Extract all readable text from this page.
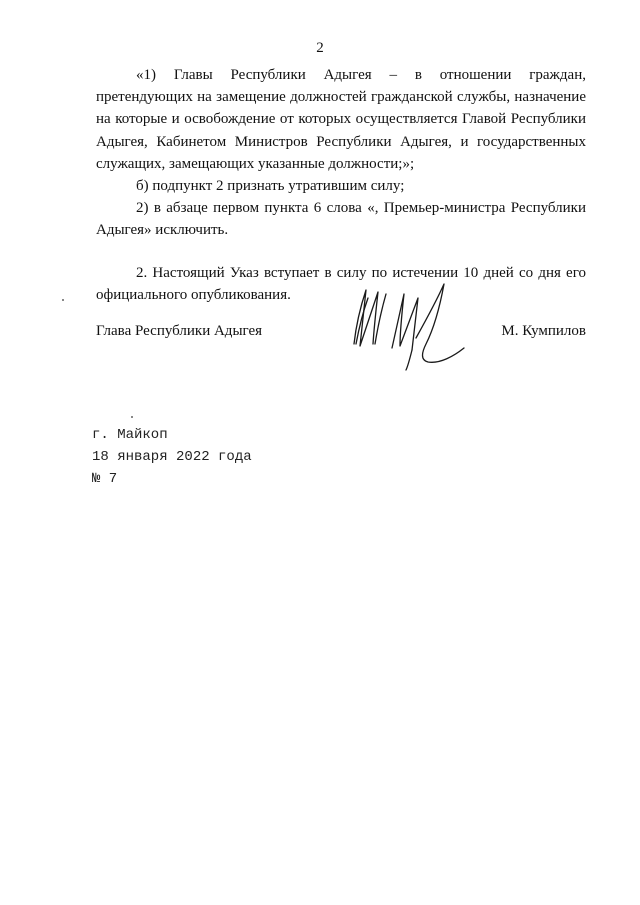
2

«1) Главы Республики Адыгея – в отношении граждан, претендующих на замещение должностей гражданской службы, назначение на которые и освобождение от которых осуществляется Главой Республики Адыгея, Кабинетом Министров Республики Адыгея, и государственных служащих, замещающих указанные должности;»;

б) подпункт 2 признать утратившим силу;

2) в абзаце первом пункта 6 слова «, Премьер-министра Республики Адыгея» исключить.

2. Настоящий Указ вступает в силу по истечении 10 дней со дня его официального опубликования.

Глава Республики Адыгея	М. Кумпилов
г. Майкоп
18 января 2022 года
№ 7
